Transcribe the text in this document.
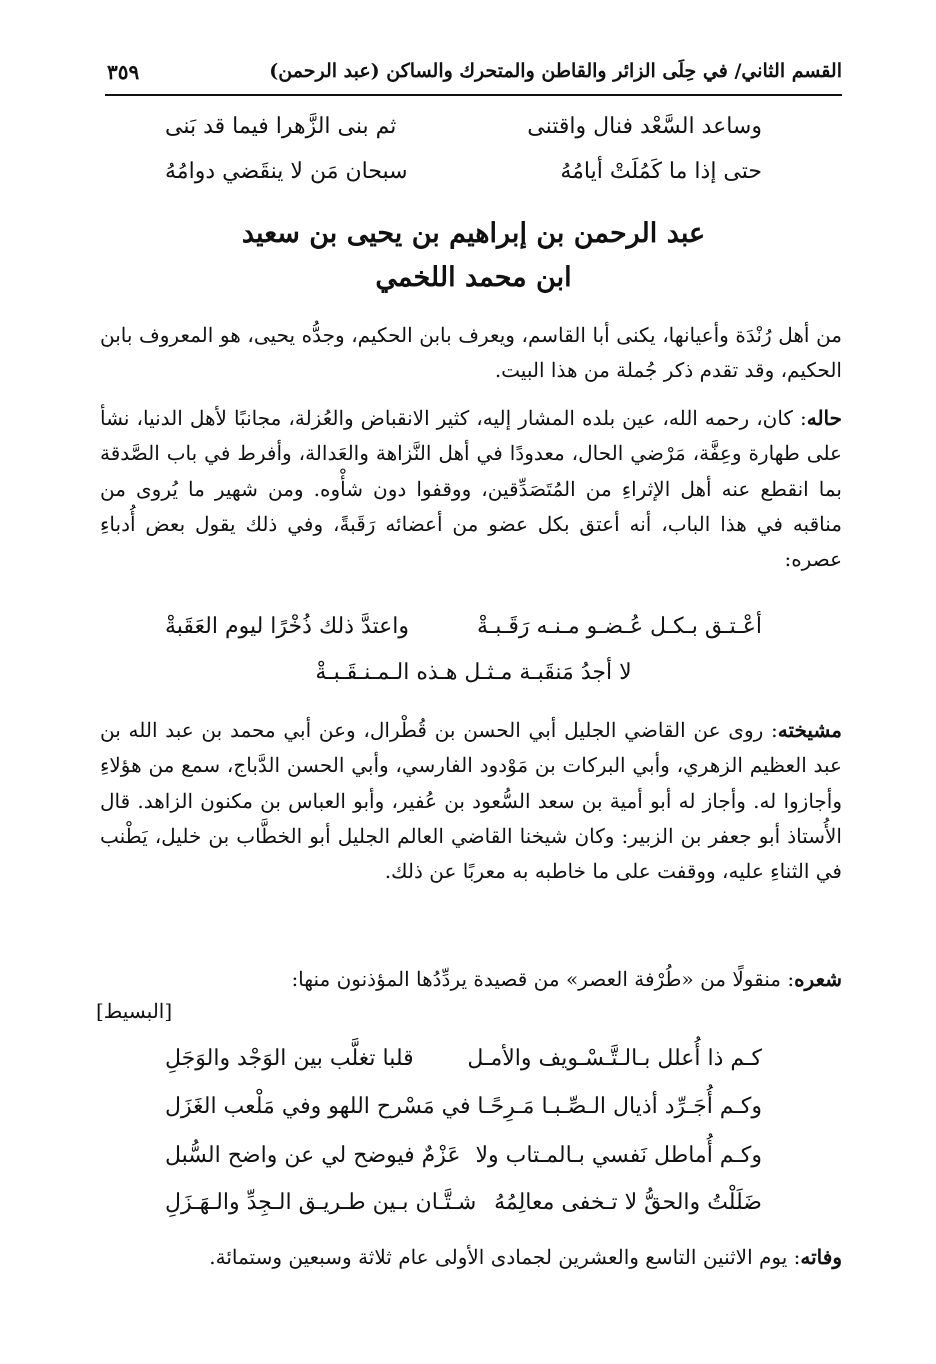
القسم الثاني/ في حِلَى الزائر والقاطن والمتحرك والساكن (عبد الرحمن)
٣٥٩
وساعد السَّعْد فنال واقتنى
ثم بنى الزَّهرا فيما قد بَنى
حتى إذا ما كَمُلَتْ أيامُهُ
سبحان مَن لا ينقَضي دوامُهُ
عبد الرحمن بن إبراهيم بن يحيى بن سعيد
ابن محمد اللخمي
من أهل رُنْدَة وأعيانها، يكنى أبا القاسم، ويعرف بابن الحكيم، وجدُّه يحيى، هو المعروف بابن الحكيم، وقد تقدم ذكر جُملة من هذا البيت.
حاله: كان، رحمه الله، عين بلده المشار إليه، كثير الانقباض والعُزلة، مجانبًا لأهل الدنيا، نشأ على طهارة وعِفَّة، مَرْضي الحال، معدودًا في أهل النَّزاهة والعَدالة، وأفرط في باب الصَّدقة بما انقطع عنه أهل الإثراءِ من المُتَصَدِّقين، ووقفوا دون شأْوه. ومن شهير ما يُروى من مناقبه في هذا الباب، أنه أعتق بكل عضو من أعضائه رَقَبةً، وفي ذلك يقول بعض أُدباءِ عصره:
أعْـتـق بـكـل عُـضـو مـنـه رَقَـبـةْ
واعتدَّ ذلك ذُخْرًا ليوم العَقَبةْ
لا أجدُ مَنقَبـة مـثـل هـذه الـمـنـقَـبـةْ
مشيخته: روى عن القاضي الجليل أبي الحسن بن قُطْرال، وعن أبي محمد بن عبد الله بن عبد العظيم الزهري، وأبي البركات بن مَوْدود الفارسي، وأبي الحسن الدَّباج، سمع من هؤلاءِ وأجازوا له. وأجاز له أبو أمية بن سعد السُّعود بن عُفير، وأبو العباس بن مكنون الزاهد. قال الأُستاذ أبو جعفر بن الزبير: وكان شيخنا القاضي العالم الجليل أبو الخطَّاب بن خليل، يَطْنب في الثناءِ عليه، ووقفت على ما خاطبه به معربًا عن ذلك.
شعره: منقولًا من «طُرْفة العصر» من قصيدة يردِّدُها المؤذنون منها:
[البسيط]
كـم ذا أُعلل بـالـتَّـسْـويف والأمـل
قلبا تغلَّب بين الوَجْد والوَجَلِ
وكـم أُجَـرِّد أذيال الـصِّـبـا مَـرِحًـا
في مَسْرح اللهو وفي مَلْعب الغَزَل
وكـم أُماطل نَفسي بـالمـتاب ولا
عَزْمٌ فيوضح لي عن واضح السُّبل
ضَلَلْتُ والحقُّ لا تـخفى معالِمُهُ
شـتَّـان بـين طـريـق الـجِدِّ والـهَـزَلِ
وفاته: يوم الاثنين التاسع والعشرين لجمادى الأولى عام ثلاثة وسبعين وستمائة.
